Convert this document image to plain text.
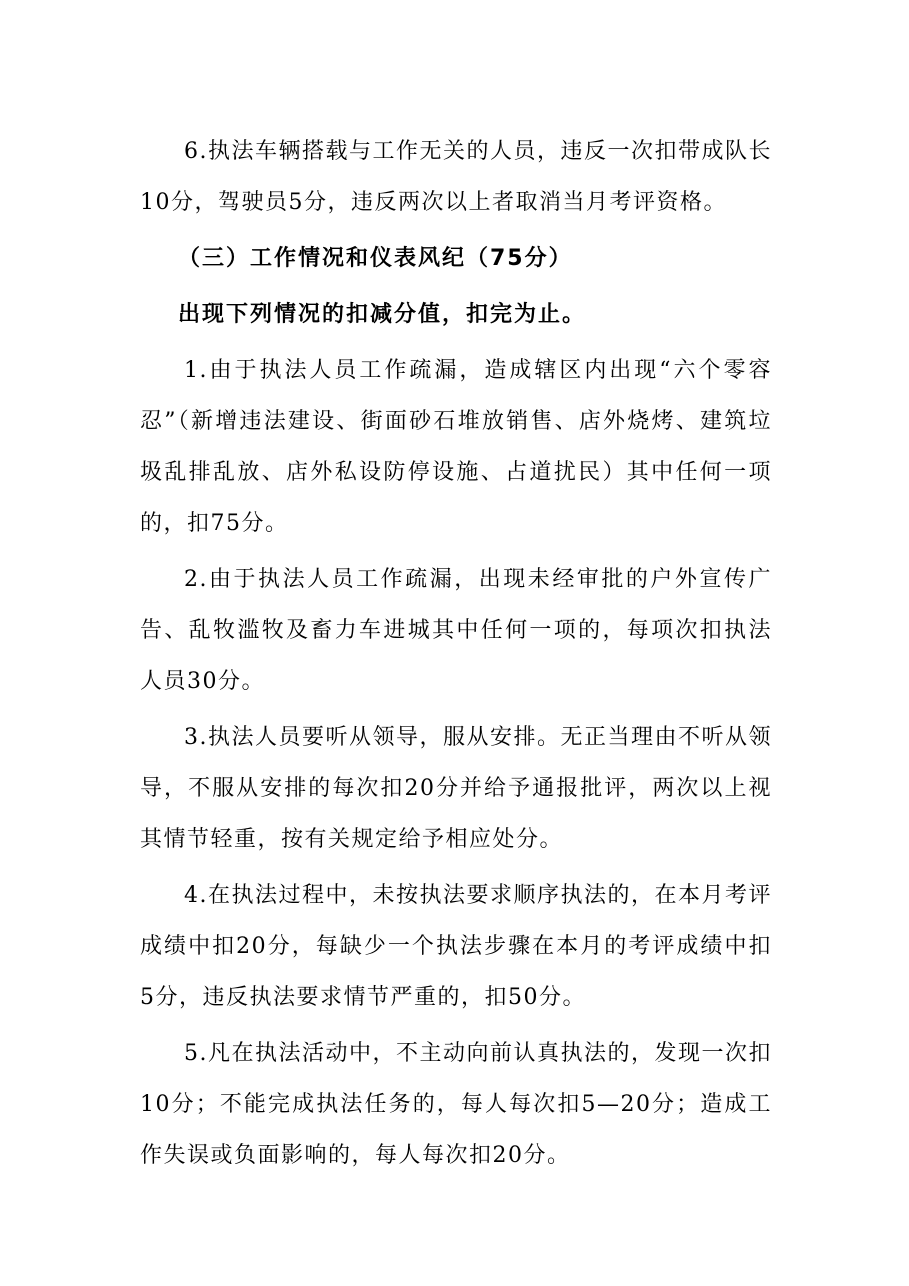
6.执法车辆搭载与工作无关的人员，违反一次扣带成队长10分，驾驶员5分，违反两次以上者取消当月考评资格。

（三）工作情况和仪表风纪（75分）

出现下列情况的扣减分值，扣完为止。

1.由于执法人员工作疏漏，造成辖区内出现“六个零容忍”（新增违法建设、街面砂石堆放销售、店外烧烤、建筑垃圾乱排乱放、店外私设防停设施、占道扰民）其中任何一项的，扣75分。

2.由于执法人员工作疏漏，出现未经审批的户外宣传广告、乱牧滥牧及畜力车进城其中任何一项的，每项次扣执法人员30分。

3.执法人员要听从领导，服从安排。无正当理由不听从领导，不服从安排的每次扣20分并给予通报批评，两次以上视其情节轻重，按有关规定给予相应处分。

4.在执法过程中，未按执法要求顺序执法的，在本月考评成绩中扣20分，每缺少一个执法步骤在本月的考评成绩中扣5分，违反执法要求情节严重的，扣50分。

5.凡在执法活动中，不主动向前认真执法的，发现一次扣10分；不能完成执法任务的，每人每次扣5—20分；造成工作失误或负面影响的，每人每次扣20分。
